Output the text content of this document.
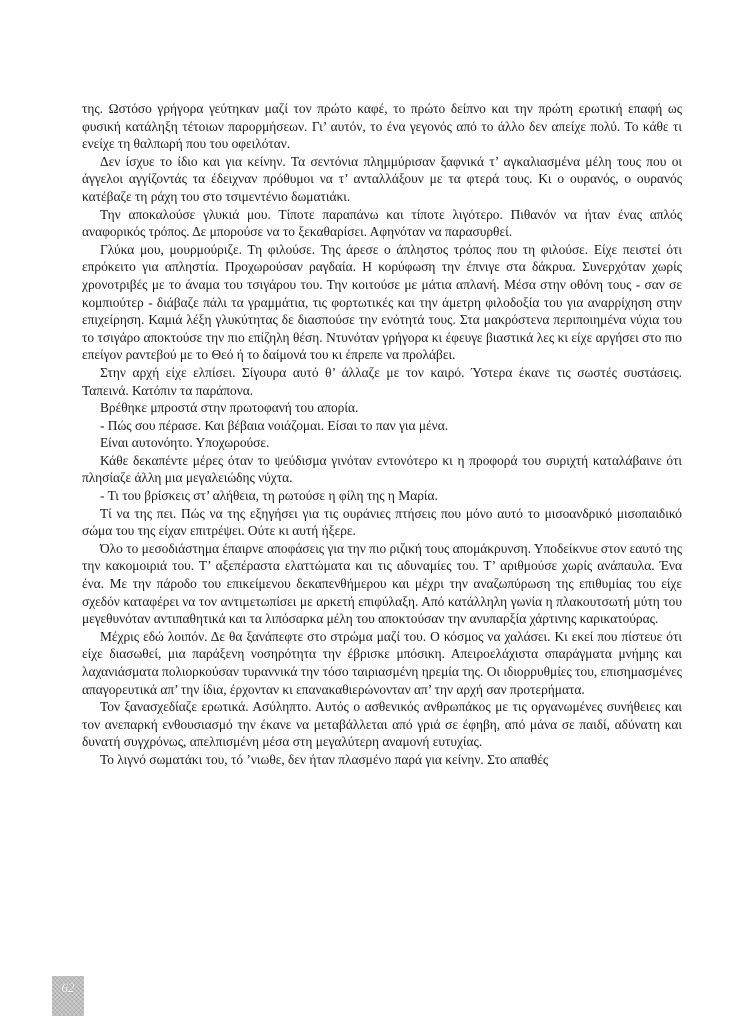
της. Ωστόσο γρήγορα γεύτηκαν μαζί τον πρώτο καφέ, το πρώτο δείπνο και την πρώτη ερωτική επαφή ως φυσική κατάληξη τέτοιων παρορμήσεων. Γι’ αυτόν, το ένα γεγονός από το άλλο δεν απείχε πολύ. Το κάθε τι ενείχε τη θαλπωρή που του οφειλόταν.

Δεν ίσχυε το ίδιο και για κείνην. Τα σεντόνια πλημμύρισαν ξαφνικά τ’ αγκαλιασμένα μέλη τους που οι άγγελοι αγγίζοντάς τα έδειχναν πρόθυμοι να τ’ ανταλλάξουν με τα φτερά τους. Κι ο ουρανός, ο ουρανός κατέβαζε τη ράχη του στο τσιμεντένιο δωματιάκι.

Την αποκαλούσε γλυκιά μου. Τίποτε παραπάνω και τίποτε λιγότερο. Πιθανόν να ήταν ένας απλός αναφορικός τρόπος. Δε μπορούσε να το ξεκαθαρίσει. Αφηνόταν να παρασυρθεί.

Γλύκα μου, μουρμούριζε. Τη φιλούσε. Της άρεσε ο άπληστος τρόπος που τη φιλούσε. Είχε πειστεί ότι επρόκειτο για απληστία. Προχωρούσαν ραγδαία. Η κορύφωση την έπνιγε στα δάκρυα. Συνερχόταν χωρίς χρονοτριβές με το άναμα του τσιγάρου του. Την κοιτούσε με μάτια απλανή. Μέσα στην οθόνη τους - σαν σε κομπιούτερ - διάβαζε πάλι τα γραμμάτια, τις φορτωτικές και την άμετρη φιλοδοξία του για αναρρίχηση στην επιχείρηση. Καμιά λέξη γλυκύτητας δε διασπούσε την ενότητά τους. Στα μακρόστενα περιποιημένα νύχια του το τσιγάρο αποκτούσε την πιο επίζηλη θέση. Ντυνόταν γρήγορα κι έφευγε βιαστικά λες κι είχε αργήσει στο πιο επείγον ραντεβού με το Θεό ή το δαίμονά του κι έπρεπε να προλάβει.

Στην αρχή είχε ελπίσει. Σίγουρα αυτό θ’ άλλαζε με τον καιρό. Ύστερα έκανε τις σωστές συστάσεις. Ταπεινά. Κατόπιν τα παράπονα.

Βρέθηκε μπροστά στην πρωτοφανή του απορία.

- Πώς σου πέρασε. Και βέβαια νοιάζομαι. Είσαι το παν για μένα.

Είναι αυτονόητο. Υποχωρούσε.

Κάθε δεκαπέντε μέρες όταν το ψεύδισμα γινόταν εντονότερο κι η προφορά του συριχτή καταλάβαινε ότι πλησίαζε άλλη μια μεγαλειώδης νύχτα.

- Τι του βρίσκεις στ’ αλήθεια, τη ρωτούσε η φίλη της η Μαρία.

Τί να της πει. Πώς να της εξηγήσει για τις ουράνιες πτήσεις που μόνο αυτό το μισοανδρικό μισοπαιδικό σώμα του της είχαν επιτρέψει. Ούτε κι αυτή ήξερε.

Όλο το μεσοδιάστημα έπαιρνε αποφάσεις για την πιο ριζική τους απομάκρυνση. Υποδείκνυε στον εαυτό της την κακομοιριά του. Τ’ αξεπέραστα ελαττώματα και τις αδυναμίες του. Τ’ αριθμούσε χωρίς ανάπαυλα. Ένα ένα. Με την πάροδο του επικείμενου δεκαπενθήμερου και μέχρι την αναζωπύρωση της επιθυμίας του είχε σχεδόν καταφέρει να τον αντιμετωπίσει με αρκετή επιφύλαξη. Από κατάλληλη γωνία η πλακουτσωτή μύτη του μεγεθυνόταν αντιπαθητικά και τα λιπόσαρκα μέλη του αποκτούσαν την ανυπαρξία χάρτινης καρικατούρας.

Μέχρις εδώ λοιπόν. Δε θα ξανάπεφτε στο στρώμα μαζί του. Ο κόσμος να χαλάσει. Κι εκεί που πίστευε ότι είχε διασωθεί, μια παράξενη νοσηρότητα την έβρισκε μπόσικη. Απειροελάχιστα σπαράγματα μνήμης και λαχανιάσματα πολιορκούσαν τυραννικά την τόσο ταιριασμένη ηρεμία της. Οι ιδιορρυθμίες του, επισημασμένες απαγορευτικά απ’ την ίδια, έρχονταν κι επανακαθιερώνονταν απ’ την αρχή σαν προτερήματα.

Τον ξανασχεδίαζε ερωτικά. Ασύληπτο. Αυτός ο ασθενικός ανθρωπάκος με τις οργανωμένες συνήθειες και τον ανεπαρκή ενθουσιασμό την έκανε να μεταβάλλεται από γριά σε έφηβη, από μάνα σε παιδί, αδύνατη και δυνατή συγχρόνως, απελπισμένη μέσα στη μεγαλύτερη αναμονή ευτυχίας.

Το λιγνό σωματάκι του, τό ’νιωθε, δεν ήταν πλασμένο παρά για κείνην. Στο απαθές

62
